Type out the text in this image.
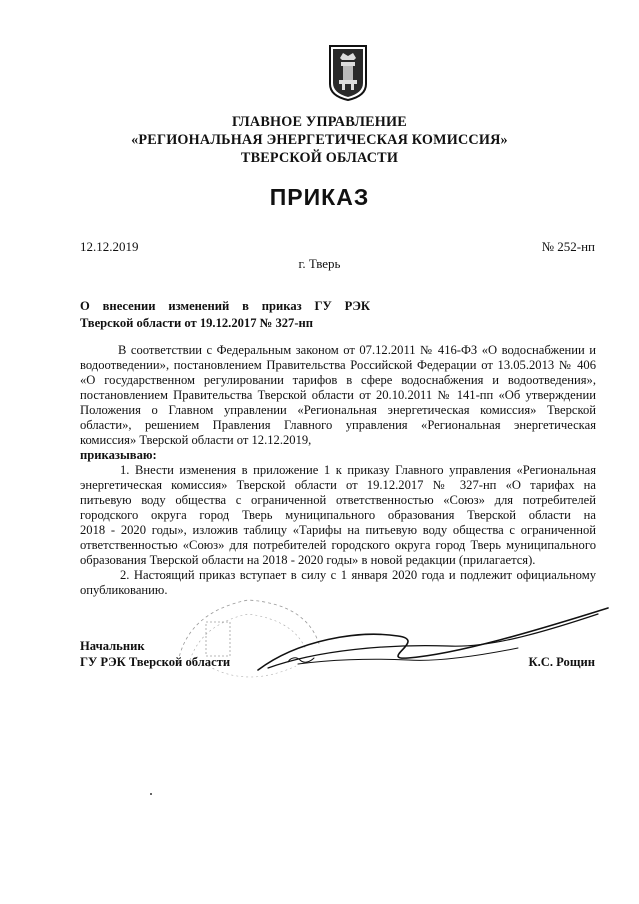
ГЛАВНОЕ УПРАВЛЕНИЕ
«РЕГИОНАЛЬНАЯ ЭНЕРГЕТИЧЕСКАЯ КОМИССИЯ»
ТВЕРСКОЙ ОБЛАСТИ
ПРИКАЗ
12.12.2019	№ 252-нп
г. Тверь
О внесении изменений в приказ ГУ РЭК
Тверской области от 19.12.2017 № 327-нп
В соответствии с Федеральным законом от 07.12.2011 № 416-ФЗ «О водоснабжении и
водоотведении», постановлением Правительства Российской Федерации от 13.05.2013 № 406
«О государственном регулировании тарифов в сфере водоснабжения и водоотведения»,
постановлением Правительства Тверской области от 20.10.2011 № 141-пп «Об утверждении
Положения о Главном управлении «Региональная энергетическая комиссия» Тверской
области», решением Правления Главного управления «Региональная энергетическая
комиссия» Тверской области от 12.12.2019,
приказываю:
1. Внести изменения в приложение 1 к приказу Главного управления «Региональная
энергетическая комиссия» Тверской области от 19.12.2017 № 327-нп «О тарифах на
питьевую воду общества с ограниченной ответственностью «Союз» для потребителей
городского округа город Тверь муниципального образования Тверской области на
2018 - 2020 годы», изложив таблицу «Тарифы на питьевую воду общества с ограниченной
ответственностью «Союз» для потребителей городского округа город Тверь муниципального
образования Тверской области на 2018 - 2020 годы» в новой редакции (прилагается).
2. Настоящий приказ вступает в силу с 1 января 2020 года и подлежит официальному
опубликованию.
Начальник
ГУ РЭК Тверской области	К.С. Рощин
